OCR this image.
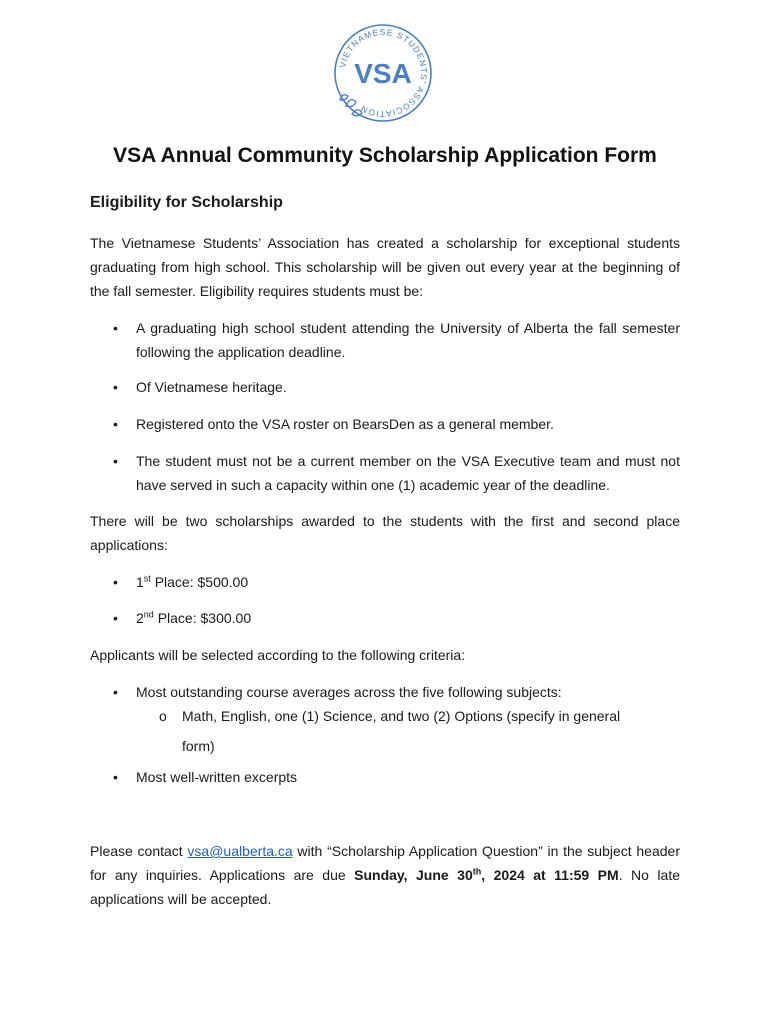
VIETNAMESE STUDENTS' ASSOCIATION
VSA
VSA Annual Community Scholarship Application Form
Eligibility for Scholarship
The Vietnamese Students’ Association has created a scholarship for exceptional students graduating from high school. This scholarship will be given out every year at the beginning of the fall semester. Eligibility requires students must be:
• A graduating high school student attending the University of Alberta the fall semester following the application deadline.
• Of Vietnamese heritage.
• Registered onto the VSA roster on BearsDen as a general member.
• The student must not be a current member on the VSA Executive team and must not have served in such a capacity within one (1) academic year of the deadline.
There will be two scholarships awarded to the students with the first and second place applications:
• 1st Place: $500.00
• 2nd Place: $300.00
Applicants will be selected according to the following criteria:
• Most outstanding course averages across the five following subjects:
o Math, English, one (1) Science, and two (2) Options (specify in general
form)
• Most well-written excerpts
Please contact vsa@ualberta.ca with “Scholarship Application Question” in the subject header for any inquiries. Applications are due Sunday, June 30th, 2024 at 11:59 PM. No late applications will be accepted.
